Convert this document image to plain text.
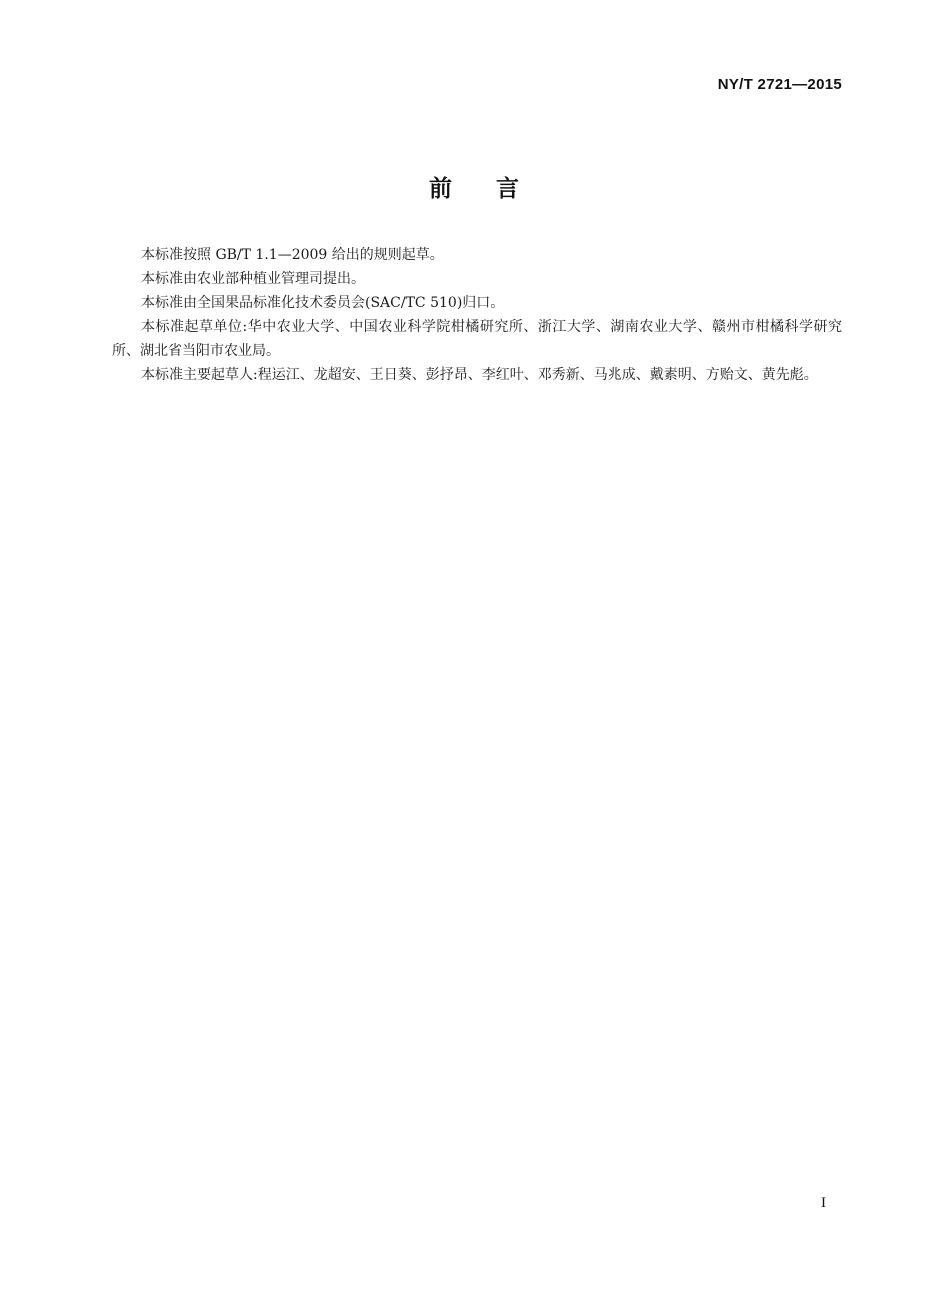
NY/T 2721—2015
前 言

本标准按照 GB/T 1.1—2009 给出的规则起草。

本标准由农业部种植业管理司提出。

本标准由全国果品标准化技术委员会(SAC/TC 510)归口。

本标准起草单位:华中农业大学、中国农业科学院柑橘研究所、浙江大学、湖南农业大学、赣州市柑橘科学研究所、湖北省当阳市农业局。

本标准主要起草人:程运江、龙超安、王日葵、彭抒昂、李红叶、邓秀新、马兆成、戴素明、方贻文、黄先彪。

I
